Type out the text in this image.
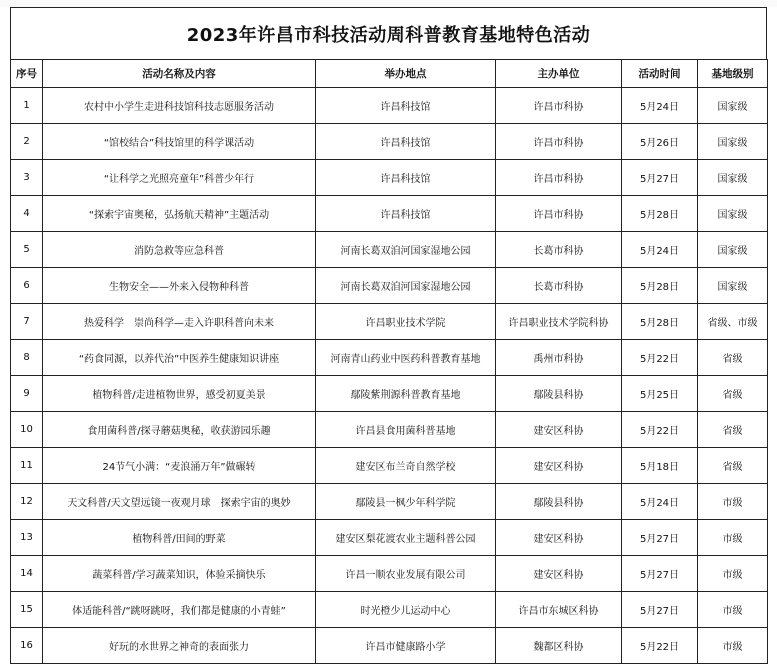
2023年许昌市科技活动周科普教育基地特色活动
序号	活动名称及内容	举办地点	主办单位	活动时间	基地级别
1	农村中小学生走进科技馆科技志愿服务活动	许昌科技馆	许昌市科协	5月24日	国家级
2	“馆校结合”科技馆里的科学课活动	许昌科技馆	许昌市科协	5月26日	国家级
3	“让科学之光照亮童年”科普少年行	许昌科技馆	许昌市科协	5月27日	国家级
4	“探索宇宙奥秘，弘扬航天精神”主题活动	许昌科技馆	许昌市科协	5月28日	国家级
5	消防急救等应急科普	河南长葛双洎河国家湿地公园	长葛市科协	5月24日	国家级
6	生物安全——外来入侵物种科普	河南长葛双洎河国家湿地公园	长葛市科协	5月28日	国家级
7	热爱科学　崇尚科学—走入许职科普向未来	许昌职业技术学院	许昌职业技术学院科协	5月28日	省级、市级
8	“药食同源，以养代治”中医养生健康知识讲座	河南青山药业中医药科普教育基地	禹州市科协	5月22日	省级
9	植物科普/走进植物世界，感受初夏美景	鄢陵紫荆源科普教育基地	鄢陵县科协	5月25日	省级
10	食用菌科普/探寻蘑菇奥秘，收获游园乐趣	许昌县食用菌科普基地	建安区科协	5月22日	省级
11	24节气小满：“麦浪涌万年”做碾转	建安区布兰奇自然学校	建安区科协	5月18日	省级
12	天文科普/天文望远镜一夜观月球　探索宇宙的奥妙	鄢陵县一枫少年科学院	鄢陵县科协	5月24日	市级
13	植物科普/田间的野菜	建安区梨花渡农业主题科普公园	建安区科协	5月27日	市级
14	蔬菜科普/学习蔬菜知识，体验采摘快乐	许昌一顺农业发展有限公司	建安区科协	5月27日	市级
15	体适能科普/“跳呀跳呀，我们都是健康的小青蛙”	时光橙少儿运动中心	许昌市东城区科协	5月27日	市级
16	好玩的水世界之神奇的表面张力	许昌市健康路小学	魏都区科协	5月22日	市级
